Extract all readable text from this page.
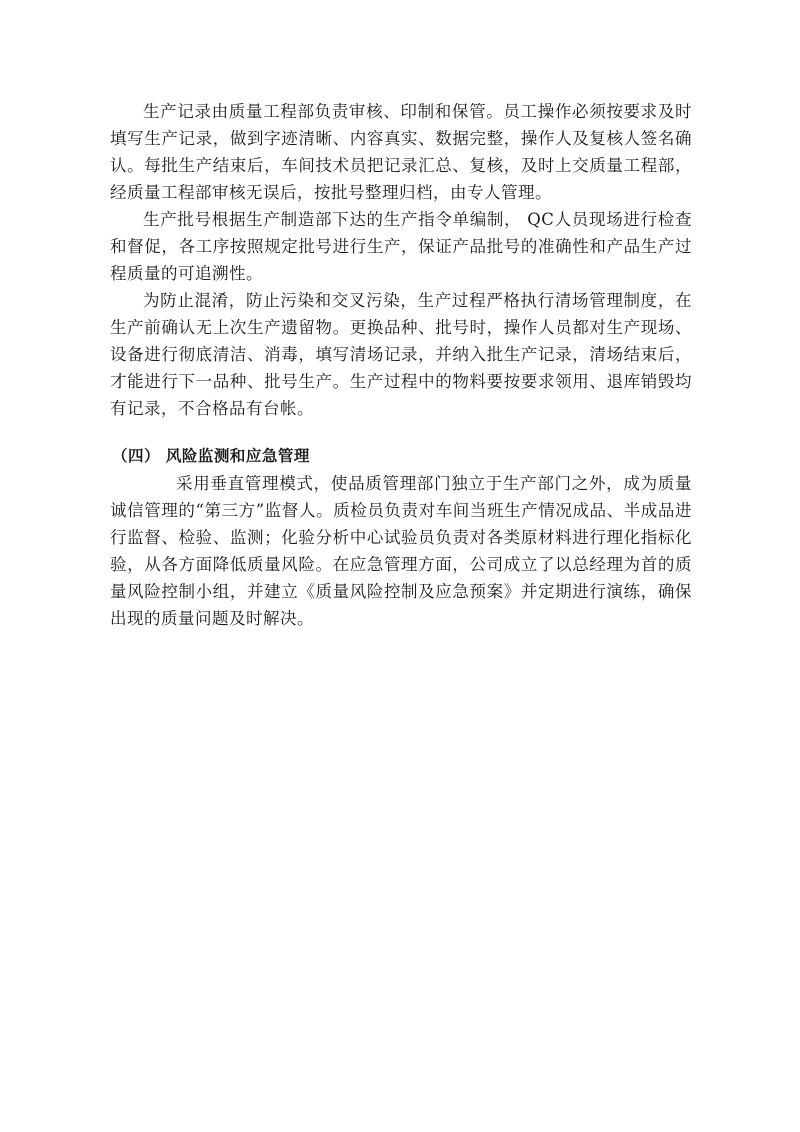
生产记录由质量工程部负责审核、印制和保管。员工操作必须按要求及时填写生产记录，做到字迹清晰、内容真实、数据完整，操作人及复核人签名确认。每批生产结束后，车间技术员把记录汇总、复核，及时上交质量工程部，经质量工程部审核无误后，按批号整理归档，由专人管理。

生产批号根据生产制造部下达的生产指令单编制， QC人员现场进行检查和督促，各工序按照规定批号进行生产，保证产品批号的准确性和产品生产过程质量的可追溯性。

为防止混淆，防止污染和交叉污染，生产过程严格执行清场管理制度，在生产前确认无上次生产遗留物。更换品种、批号时，操作人员都对生产现场、设备进行彻底清洁、消毒，填写清场记录，并纳入批生产记录，清场结束后，才能进行下一品种、批号生产。生产过程中的物料要按要求领用、退库销毁均有记录，不合格品有台帐。

（四） 风险监测和应急管理

采用垂直管理模式，使品质管理部门独立于生产部门之外，成为质量诚信管理的“第三方”监督人。质检员负责对车间当班生产情况成品、半成品进行监督、检验、监测；化验分析中心试验员负责对各类原材料进行理化指标化验，从各方面降低质量风险。在应急管理方面，公司成立了以总经理为首的质量风险控制小组，并建立《质量风险控制及应急预案》并定期进行演练，确保出现的质量问题及时解决。
